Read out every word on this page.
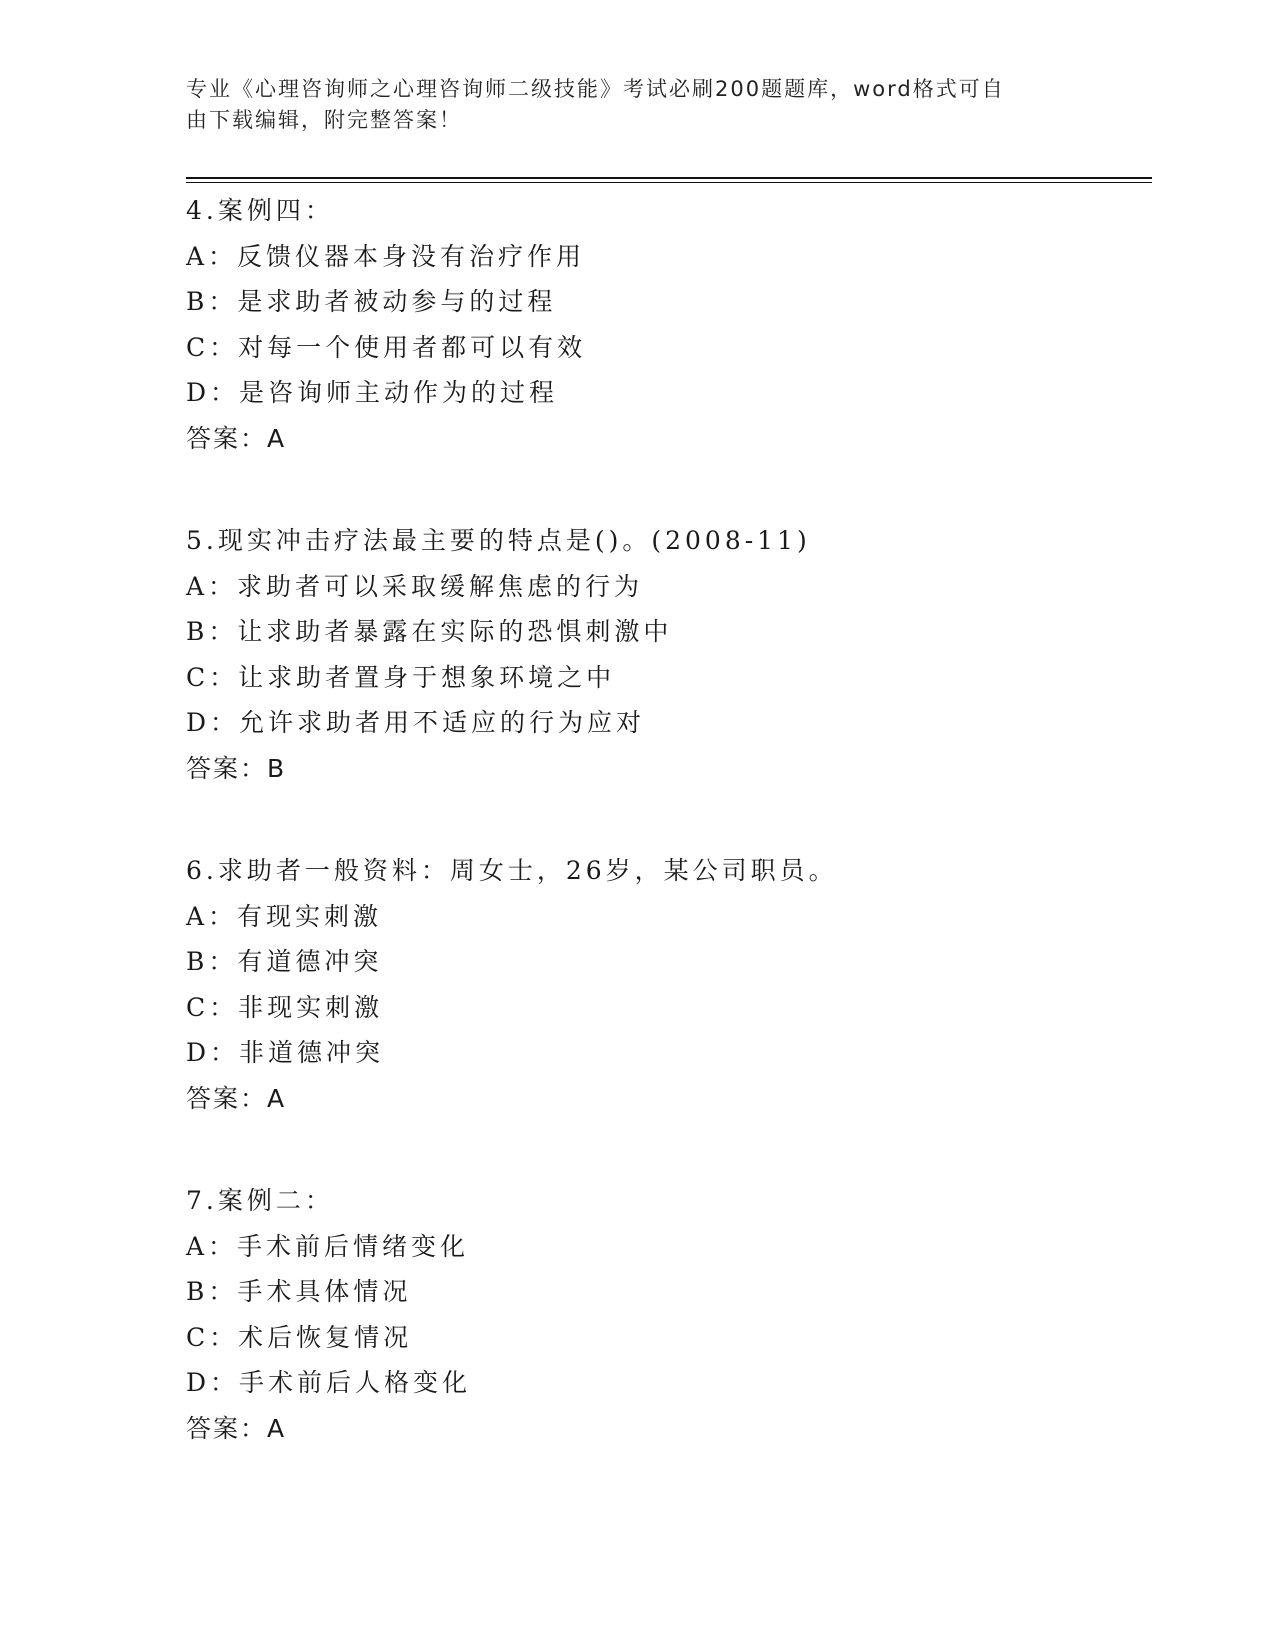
专业《心理咨询师之心理咨询师二级技能》考试必刷200题题库，word格式可自
由下载编辑，附完整答案！
4.案例四：
A：反馈仪器本身没有治疗作用
B：是求助者被动参与的过程
C：对每一个使用者都可以有效
D：是咨询师主动作为的过程
答案：A
5.现实冲击疗法最主要的特点是()。(2008-11)
A：求助者可以采取缓解焦虑的行为
B：让求助者暴露在实际的恐惧刺激中
C：让求助者置身于想象环境之中
D：允许求助者用不适应的行为应对
答案：B
6.求助者一般资料：周女士，26岁，某公司职员。
A：有现实刺激
B：有道德冲突
C：非现实刺激
D：非道德冲突
答案：A
7.案例二：
A：手术前后情绪变化
B：手术具体情况
C：术后恢复情况
D：手术前后人格变化
答案：A
